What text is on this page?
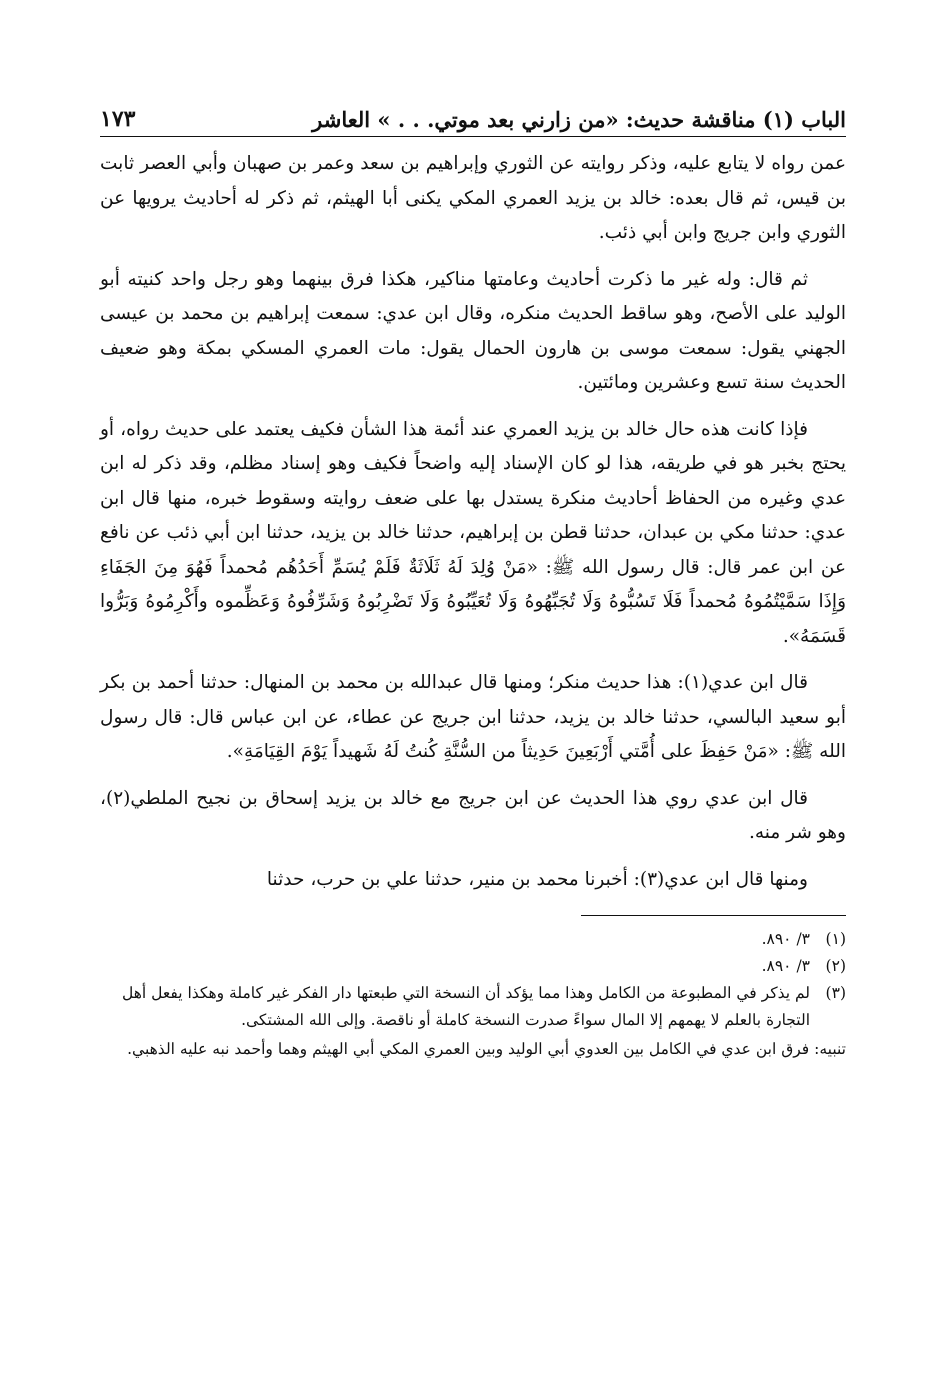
الباب (١) مناقشة حديث: «من زارني بعد موتي. . . » العاشر
١٧٣

عمن رواه لا يتابع عليه، وذكر روايته عن الثوري وإبراهيم بن سعد وعمر بن صهبان وأبي العصر ثابت بن قيس، ثم قال بعده: خالد بن يزيد العمري المكي يكنى أبا الهيثم، ثم ذكر له أحاديث يرويها عن الثوري وابن جريج وابن أبي ذئب.

ثم قال: وله غير ما ذكرت أحاديث وعامتها مناكير، هكذا فرق بينهما وهو رجل واحد كنيته أبو الوليد على الأصح، وهو ساقط الحديث منكره، وقال ابن عدي: سمعت إبراهيم بن محمد بن عيسى الجهني يقول: سمعت موسى بن هارون الحمال يقول: مات العمري المسكي بمكة وهو ضعيف الحديث سنة تسع وعشرين ومائتين.

فإذا كانت هذه حال خالد بن يزيد العمري عند أئمة هذا الشأن فكيف يعتمد على حديث رواه، أو يحتج بخبر هو في طريقه، هذا لو كان الإسناد إليه واضحاً فكيف وهو إسناد مظلم، وقد ذكر له ابن عدي وغيره من الحفاظ أحاديث منكرة يستدل بها على ضعف روايته وسقوط خبره، منها قال ابن عدي: حدثنا مكي بن عبدان، حدثنا قطن بن إبراهيم، حدثنا خالد بن يزيد، حدثنا ابن أبي ذئب عن نافع عن ابن عمر قال: قال رسول الله ﷺ: «مَنْ وُلِدَ لَهُ ثَلَاثَةٌ فَلَمْ يُسَمِّ أَحَدُهُم مُحمداً فَهُوَ مِنَ الجَفَاءِ وَإِذَا سَمَّيْتُمُوهُ مُحمداً فَلَا تَسُبُّوهُ وَلَا تُجَبِّهُوهُ وَلَا تُعَيِّبُوهُ وَلَا تَضْرِبُوهُ وَشَرِّفُوهُ وَعَظِّموه وأَكْرِمُوهُ وَبَرُّوا قَسَمَهُ».

قال ابن عدي(١): هذا حديث منكر؛ ومنها قال عبدالله بن محمد بن المنهال: حدثنا أحمد بن بكر أبو سعيد البالسي، حدثنا خالد بن يزيد، حدثنا ابن جريج عن عطاء، عن ابن عباس قال: قال رسول الله ﷺ: «مَنْ حَفِظَ على أُمَّتي أَرْبَعِينَ حَدِيثاً من السُّنَّةِ كُنتُ لَهُ شَهيداً يَوْمَ القِيَامَةِ».

قال ابن عدي روي هذا الحديث عن ابن جريج مع خالد بن يزيد إسحاق بن نجيح الملطي(٢)، وهو شر منه.

ومنها قال ابن عدي(٣): أخبرنا محمد بن منير، حدثنا علي بن حرب، حدثنا

(١)٣/ ٨٩٠.

(٢)٣/ ٨٩٠.

(٣)لم يذكر في المطبوعة من الكامل وهذا مما يؤكد أن النسخة التي طبعتها دار الفكر غير كاملة وهكذا يفعل أهل التجارة بالعلم لا يهمهم إلا المال سواءً صدرت النسخة كاملة أو ناقصة. وإلى الله المشتكى.

تنبيه: فرق ابن عدي في الكامل بين العدوي أبي الوليد وبين العمري المكي أبي الهيثم وهما وأحمد نبه عليه الذهبي.
